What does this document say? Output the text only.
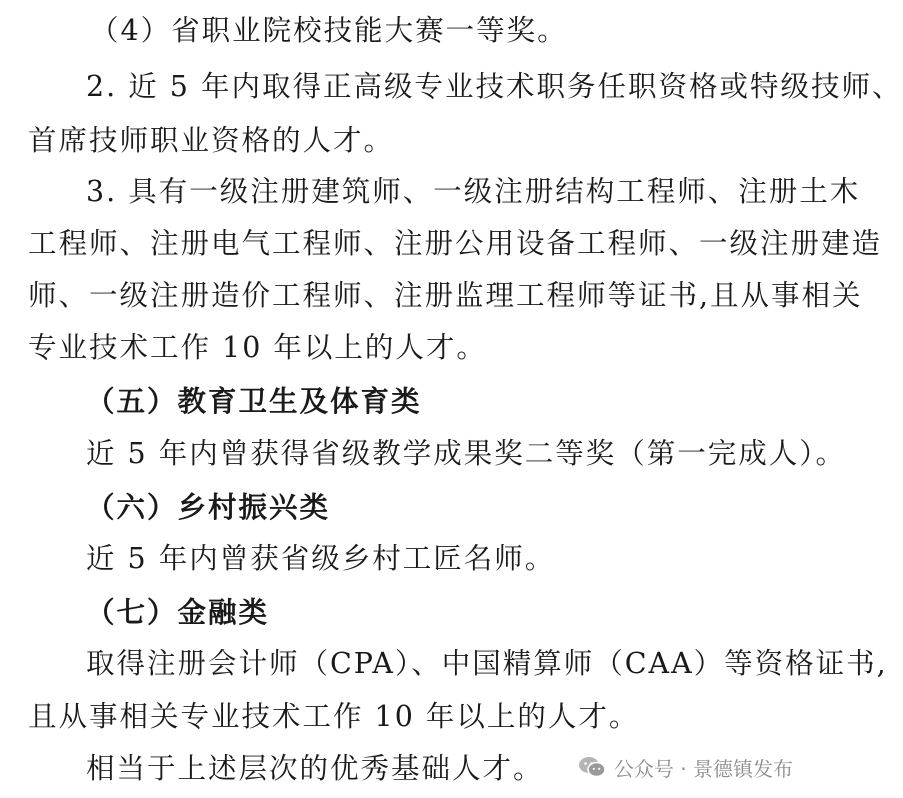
（4）省职业院校技能大赛一等奖。
2. 近 5 年内取得正高级专业技术职务任职资格或特级技师、
首席技师职业资格的人才。
3. 具有一级注册建筑师、一级注册结构工程师、注册土木
工程师、注册电气工程师、注册公用设备工程师、一级注册建造
师、一级注册造价工程师、注册监理工程师等证书,且从事相关
专业技术工作 10 年以上的人才。
（五）教育卫生及体育类
近 5 年内曾获得省级教学成果奖二等奖（第一完成人）。
（六）乡村振兴类
近 5 年内曾获省级乡村工匠名师。
（七）金融类
取得注册会计师（CPA）、中国精算师（CAA）等资格证书,
且从事相关专业技术工作 10 年以上的人才。
相当于上述层次的优秀基础人才。	公众号 · 景德镇发布
